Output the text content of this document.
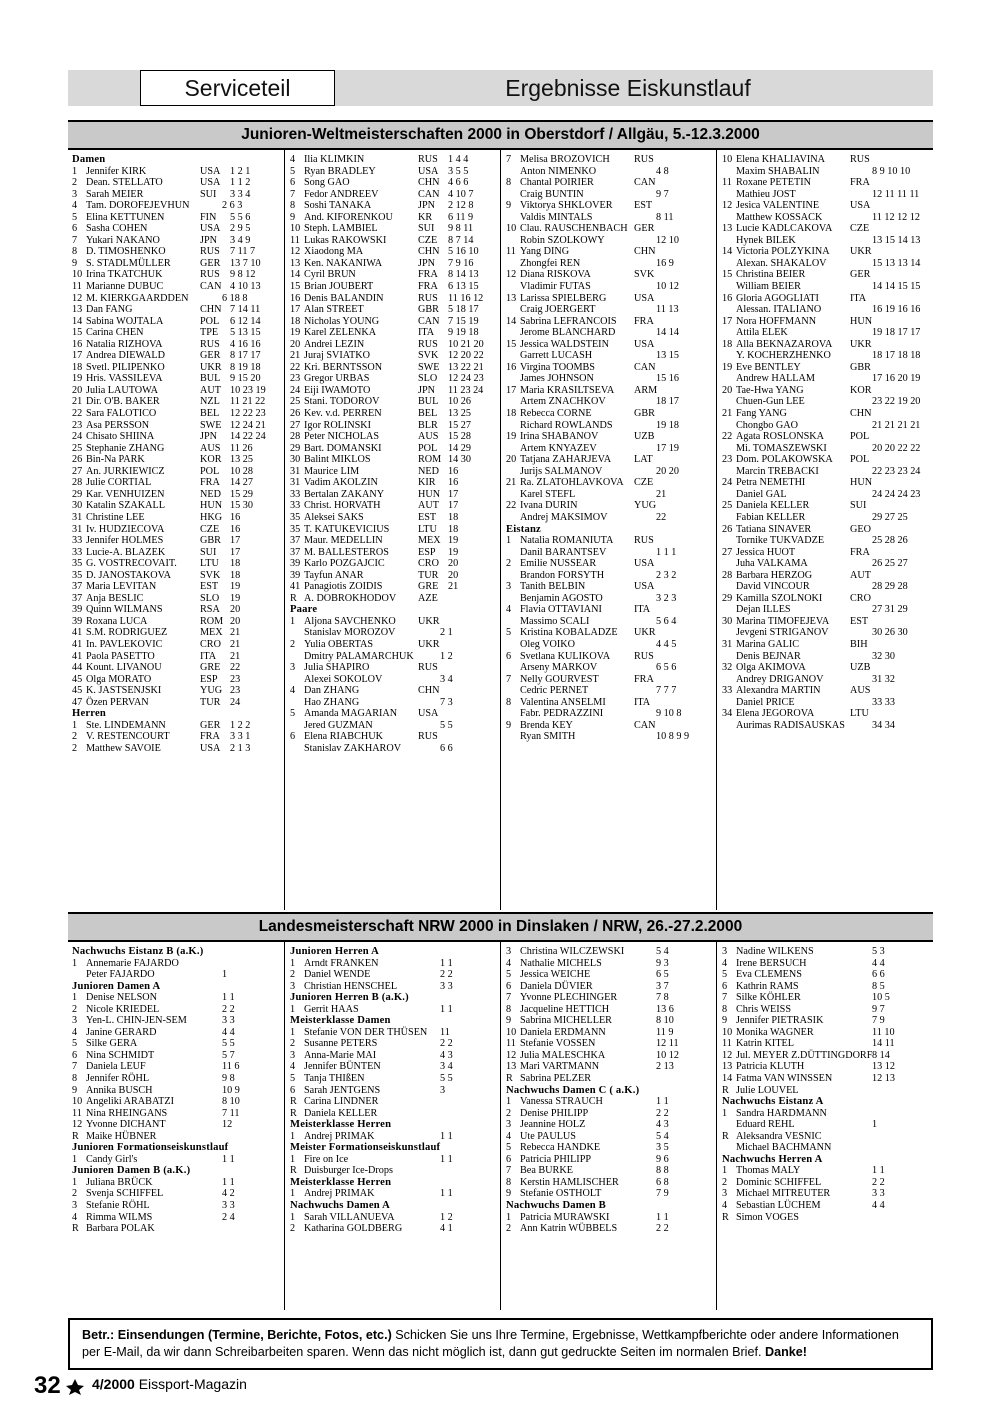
Serviceteil	Ergebnisse Eiskunstlauf
Junioren-Weltmeisterschaften 2000 in Oberstdorf / Allgäu, 5.-12.3.2000
Damen
1 Jennifer KIRK	USA 1 2 1
2 Dean. STELLATO	USA 1 1 2
3 Sarah MEIER	SUI 3 3 4
4 Tam. DOROFEJEVHUN	2 6 3
5 Elina KETTUNEN	FIN 5 5 6
6 Sasha COHEN	USA 2 9 5
7 Yukari NAKANO	JPN 3 4 9
8 D. TIMOSHENKO	RUS 7 11 7
9 S. STADLMÜLLER	GER 13 7 10
10 Irina TKATCHUK	RUS 9 8 12
11 Marianne DUBUC	CAN 4 10 13
12 M. KIERKGAARDDEN	6 18 8
13 Dan FANG	CHN 7 14 11
14 Sabina WOJTALA	POL 6 12 14
15 Carina CHEN	TPE 5 13 15
16 Natalia RIZHOVA	RUS 4 16 16
17 Andrea DIEWALD	GER 8 17 17
18 Svetl. PILIPENKO	UKR 8 19 18
19 Hris. VASSILEVA	BUL 9 15 20
20 Julia LAUTOWA	AUT 10 23 19
21 Dir. O'B. BAKER	NZL 11 21 22
22 Sara FALOTICO	BEL 12 22 23
23 Asa PERSSON	SWE 12 24 21
24 Chisato SHIINA	JPN 14 22 24
25 Stephanie ZHANG	AUS 11 26
26 Bin-Na PARK	KOR 13 25
27 An. JURKIEWICZ	POL 10 28
28 Julie CORTIAL	FRA 14 27
29 Kar. VENHUIZEN	NED 15 29
30 Katalin SZAKALL	HUN 15 30
31 Christine LEE	HKG 16
31 Iv. HUDZIECOVA	CZE 16
33 Jennifer HOLMES	GBR 17
33 Lucie-A. BLAZEK	SUI 17
35 G. VOSTRECOVAIT. LTU 18
35 D. JANOSTAKOVA	SVK 18
37 Maria LEVITAN	EST 19
37 Anja BESLIC	SLO 19
39 Quinn WILMANS	RSA 20
39 Roxana LUCA	ROM 20
41 S.M. RODRIGUEZ	MEX 21
41 In. PAVLEKOVIC	CRO 21
41 Paola PASETTO	ITA 21
44 Kount. LIVANOU	GRE 22
45 Olga MORATO	ESP 23
45 K. JASTSENJSKI	YUG 23
47 Özen PERVAN	TUR 24
Herren
1 Ste. LINDEMANN	GER 1 2 2
2 V. RESTENCOURT	FRA 3 3 1
2 Matthew SAVOIE	USA 2 1 3
4 Ilia KLIMKIN	RUS 1 4 4
5 Ryan BRADLEY	USA 3 5 5
6 Song GAO	CHN 4 6 6
7 Fedor ANDREEV	CAN 4 10 7
8 Soshi TANAKA	JPN 2 12 8
9 And. KIFORENKOU KR 6 11 9
10 Steph. LAMBIEL	SUI 9 8 11
11 Lukas RAKOWSKI	CZE 8 7 14
12 Xiaodong MA	CHN 5 16 10
13 Ken. NAKANIWA	JPN 7 9 16
14 Cyril BRUN	FRA 8 14 13
15 Brian JOUBERT	FRA 6 13 15
16 Denis BALANDIN	RUS 11 16 12
17 Alan STREET	GBR 5 18 17
18 Nicholas YOUNG	CAN 7 15 19
19 Karel ZELENKA	ITA 9 19 18
20 Andrei LEZIN	RUS 10 21 20
21 Juraj SVIATKO	SVK 12 20 22
22 Kri. BERNTSSON	SWE 13 22 21
23 Gregor URBAS	SLO 12 24 23
24 Eiji IWAMOTO	JPN 11 23 24
25 Stani. TODOROV	BUL 10 26
26 Kev. v.d. PERREN	BEL 13 25
27 Igor ROLINSKI	BLR 15 27
28 Peter NICHOLAS	AUS 15 28
29 Bart. DOMANSKI	POL 14 29
30 Balint MIKLOS	ROM 14 30
31 Maurice LIM	NED 16
31 Vadim AKOLZIN	KIR 16
33 Bertalan ZAKANY	HUN 17
33 Christ. HORVATH	AUT 17
35 Aleksei SAKS	EST 18
35 T. KATUKEVICIUS	LTU 18
37 Maur. MEDELLIN	MEX 19
37 M. BALLESTEROS	ESP 19
39 Karlo POZGAJCIC	CRO 20
39 Tayfun ANAR	TUR 20
41 Panagiotis ZOIDIS	GRE 21
R A. DOBROKHODOV AZE
Paare
1 Aljona SAVCHENKO UKR
Stanislav MOROZOV	2 1
2 Yulia OBERTAS	UKR
Dmitry PALAMARCHUK	1 2
3 Julia SHAPIRO	RUS
Alexei SOKOLOV	3 4
4 Dan ZHANG	CHN
Hao ZHANG	7 3
5 Amanda MAGARIAN USA
Jered GUZMAN	5 5
6 Elena RIABCHUK	RUS
Stanislav ZAKHAROV	6 6
7 Melisa BROZOVICH RUS
Anton NIMENKO	4 8
8 Chantal POIRIER	CAN
Craig BUNTIN	9 7
9 Viktorya SHKLOVER EST
Valdis MINTALS	8 11
10 Clau. RAUSCHENBACH GER
Robin SZOLKOWY	12 10
11 Yang DING	CHN
Zhongfei REN	16 9
12 Diana RISKOVA	SVK
Vladimir FUTAS	10 12
13 Larissa SPIELBERG	USA
Craig JOERGERT	11 13
14 Sabrina LEFRANCOIS FRA
Jerome BLANCHARD	14 14
15 Jessica WALDSTEIN USA
Garrett LUCASH	13 15
16 Virgina TOOMBS	CAN
James JOHNSON	15 16
17 Maria KRASILTSEVA ARM
Artem ZNACHKOV	18 17
18 Rebecca CORNE	GBR
Richard ROWLANDS	19 18
19 Irina SHABANOV	UZB
Artem KNYAZEV	17 19
20 Tatjana ZAHARJEVA LAT
Jurijs SALMANOV	20 20
21 Ra. ZLATOHLAVKOVA CZE
Karel STEFL	21
22 Ivana DURIN	YUG
Andrej MAKSIMOV	22
Eistanz
1 Natalia ROMANIUTA RUS
Danil BARANTSEV	1 1 1
2 Emilie NUSSEAR	USA
Brandon FORSYTH	2 3 2
3 Tanith BELBIN	USA
Benjamin AGOSTO	3 2 3
4 Flavia OTTAVIANI	ITA
Massimo SCALI	5 6 4
5 Kristina KOBALADZE UKR
Oleg VOIKO	4 4 5
6 Svetlana KULIKOVA RUS
Arseny MARKOV	6 5 6
7 Nelly GOURVEST	FRA
Cedric PERNET	7 7 7
8 Valentina ANSELMI	ITA
Fabr. PEDRAZZINI	9 10 8
9 Brenda KEY	CAN
Ryan SMITH	10 8 9 9
10 Elena KHALIAVINA RUS
Maxim SHABALIN	8 9 10 10
11 Roxane PETETIN	FRA
Mathieu JOST	12 11 11 11
12 Jesica VALENTINE	USA
Matthew KOSSACK	11 12 12 12
13 Lucie KADLCAKOVA CZE
Hynek BILEK	13 15 14 13
14 Victoria POLZYKINA UKR
Alexan. SHAKALOV	15 13 13 14
15 Christina BEIER	GER
William BEIER	14 14 15 15
16 Gloria AGOGLIATI	ITA
Alessan. ITALIANO	16 19 16 16
17 Nora HOFFMANN	HUN
Attila ELEK	19 18 17 17
18 Alla BEKNAZAROVA UKR
Y. KOCHERZHENKO	18 17 18 18
19 Eve BENTLEY	GBR
Andrew HALLAM	17 16 20 19
20 Tae-Hwa YANG	KOR
Chuen-Gun LEE	23 22 19 20
21 Fang YANG	CHN
Chongbo GAO	21 21 21 21
22 Agata ROSLONSKA	POL
Mi. TOMASZEWSKI	20 20 22 22
23 Dom. POLAKOWSKA POL
Marcin TREBACKI	22 23 23 24
24 Petra NEMETHI	HUN
Daniel GAL	24 24 24 23
25 Daniela KELLER	SUI
Fabian KELLER	29 27 25
26 Tatiana SINAVER	GEO
Tornike TUKVADZE	25 28 26
27 Jessica HUOT	FRA
Juha VALKAMA	26 25 27
28 Barbara HERZOG	AUT
David VINCOUR	28 29 28
29 Kamilla SZOLNOKI	CRO
Dejan ILLES	27 31 29
30 Marina TIMOFEJEVA EST
Jevgeni STRIGANOV	30 26 30
31 Marina GALIC	BIH
Denis BEJNAR	32 30
32 Olga AKIMOVA	UZB
Andrey DRIGANOV	31 32
33 Alexandra MARTIN	AUS
Daniel PRICE	33 33
34 Elena JEGOROVA	LTU
Aurimas RADISAUSKAS	34 34
Landesmeisterschaft NRW 2000 in Dinslaken / NRW, 26.-27.2.2000
Nachwuchs Eistanz B (a.K.)
1 Annemarie FAJARDO
Peter FAJARDO	1
Junioren Damen A
1 Denise NELSON	1 1
2 Nicole KRIEDEL	2 2
3 Yen-L. CHIN-JEN-SEM	3 3
4 Janine GERARD	4 4
5 Silke GERA	5 5
6 Nina SCHMIDT	5 7
7 Daniela LEUF	11 6
8 Jennifer RÖHL	9 8
9 Annika BUSCH	10 9
10 Angeliki ARABATZI	8 10
11 Nina RHEINGANS	7 11
12 Yvonne DICHANT	12
R Maike HÜBNER
Junioren Formationseiskunstlauf
1 Candy Girl's	1 1
Junioren Damen B (a.K.)
1 Juliana BRÜCK	1 1
2 Svenja SCHIFFEL	4 2
3 Stefanie RÖHL	3 3
4 Rimma WILMS	2 4
R Barbara POLAK
Junioren Herren A
1 Arndt FRANKEN	1 1
2 Daniel WENDE	2 2
3 Christian HENSCHEL	3 3
Junioren Herren B (a.K.)
1 Gerrit HAAS	1 1
Meisterklasse Damen
1 Stefanie VON DER THÜSEN 11
2 Susanne PETERS	2 2
3 Anna-Marie MAI	4 3
4 Jennifer BÜNTEN	3 4
5 Tanja THIßEN	5 5
6 Sarah JENTGENS	3
R Carina LINDNER
R Daniela KELLER
Meisterklasse Herren
1 Andrej PRIMAK	1 1
Meister Formationseiskunstlauf
1 Fire on Ice	1 1
R Duisburger Ice-Drops
Meisterklasse Herren
1 Andrej PRIMAK	1 1
Nachwuchs Damen A
1 Sarah VILLANUEVA	1 2
2 Katharina GOLDBERG	4 1
3 Christina WILCZEWSKI	5 4
4 Nathalie MICHELS	9 3
5 Jessica WEICHE	6 5
6 Daniela DÜVIER	3 7
7 Yvonne PLECHINGER	7 8
8 Jacqueline HETTICH	13 6
9 Sabrina MICHELLER	8 10
10 Daniela ERDMANN	11 9
11 Stefanie VOSSEN	12 11
12 Julia MALESCHKA	10 12
13 Mari VARTMANN	2 13
R Sabrina PELZER
Nachwuchs Damen C ( a.K.)
1 Vanessa STRAUCH	1 1
2 Denise PHILIPP	2 2
3 Jeannine HOLZ	4 3
4 Ute PAULUS	5 4
5 Rebecca HANDKE	3 5
6 Patricia PHILIPP	9 6
7 Bea BURKE	8 8
8 Kerstin HAMLISCHER	6 8
9 Stefanie OSTHOLT	7 9
Nachwuchs Damen B
1 Patricia MURAWSKI	1 1
2 Ann Katrin WÜBBELS	2 2
3 Nadine WILKENS	5 3
4 Irene BERSUCH	4 4
5 Eva CLEMENS	6 6
6 Kathrin RAMS	8 5
7 Silke KÖHLER	10 5
8 Chris WEISS	9 7
9 Jennifer PIETRASIK	7 9
10 Monika WAGNER	11 10
11 Katrin KITEL	14 11
12 Jul. MEYER Z.DÜTTINGDORF 8 14
13 Patricia KLUTH	13 12
14 Fatma VAN WINSSEN	12 13
R Julie LOUVEL
Nachwuchs Eistanz A
1 Sandra HARDMANN
Eduard REHL	1
R Aleksandra VESNIC
Michael BACHMANN
Nachwuchs Herren A
1 Thomas MALY	1 1
2 Dominic SCHIFFEL	2 2
3 Michael MITREUTER	3 3
4 Sebastian LÜCHEM	4 4
R Simon VOGES
Betr.: Einsendungen (Termine, Berichte, Fotos, etc.) Schicken Sie uns Ihre Termine, Ergebnisse, Wettkampfberichte oder andere Informationen per E-Mail, da wir dann Schreibarbeiten sparen. Wenn das nicht möglich ist, dann gut gedruckte Seiten im normalen Brief. Danke!
32 4/2000 Eissport-Magazin
